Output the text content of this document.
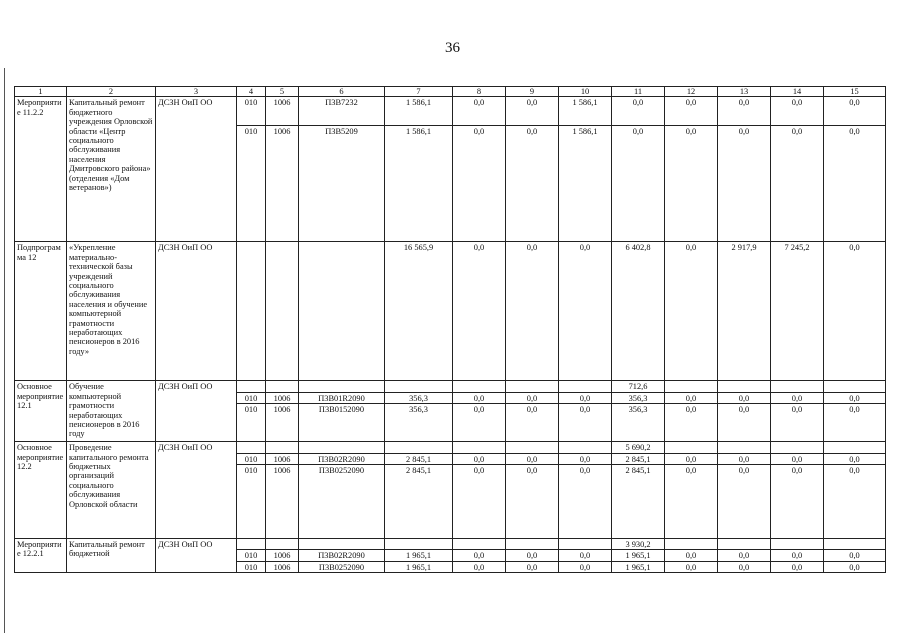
36
1	2	3	4	5	6	7	8	9	10	11	12	13	14	15
Мероприятие 11.2.2	Капитальный ремонт бюджетного учреждения Орловской области «Центр социального обслуживания населения Дмитровского района» (отделения «Дом ветеранов»)	ДСЗН ОиП ОО	010	1006	П3В7232	1 586,1	0,0	0,0	1 586,1	0,0	0,0	0,0	0,0	0,0
			010	1006	П3В5209	1 586,1	0,0	0,0	1 586,1	0,0	0,0	0,0	0,0	0,0
Подпрограмма 12	«Укрепление материально-технической базы учреждений социального обслуживания населения и обучение компьютерной грамотности неработающих пенсионеров в 2016 году»	ДСЗН ОиП ОО				16 565,9	0,0	0,0	0,0	6 402,8	0,0	2 917,9	7 245,2	0,0
Основное мероприятие 12.1	Обучение компьютерной грамотности неработающих пенсионеров в 2016 году	ДСЗН ОиП ОО								712,6				
			010	1006	П3В01R2090	356,3	0,0	0,0	0,0	356,3	0,0	0,0	0,0	0,0
			010	1006	П3В0152090	356,3	0,0	0,0	0,0	356,3	0,0	0,0	0,0	0,0
Основное мероприятие 12.2	Проведение капитального ремонта бюджетных организаций социального обслуживания Орловской области	ДСЗН ОиП ОО								5 690,2				
			010	1006	П3В02R2090	2 845,1	0,0	0,0	0,0	2 845,1	0,0	0,0	0,0	0,0
			010	1006	П3В0252090	2 845,1	0,0	0,0	0,0	2 845,1	0,0	0,0	0,0	0,0
Мероприятие 12.2.1	Капитальный ремонт бюджетной	ДСЗН ОиП ОО								3 930,2				
			010	1006	П3В02R2090	1 965,1	0,0	0,0	0,0	1 965,1	0,0	0,0	0,0	0,0
			010	1006	П3В0252090	1 965,1	0,0	0,0	0,0	1 965,1	0,0	0,0	0,0	0,0
